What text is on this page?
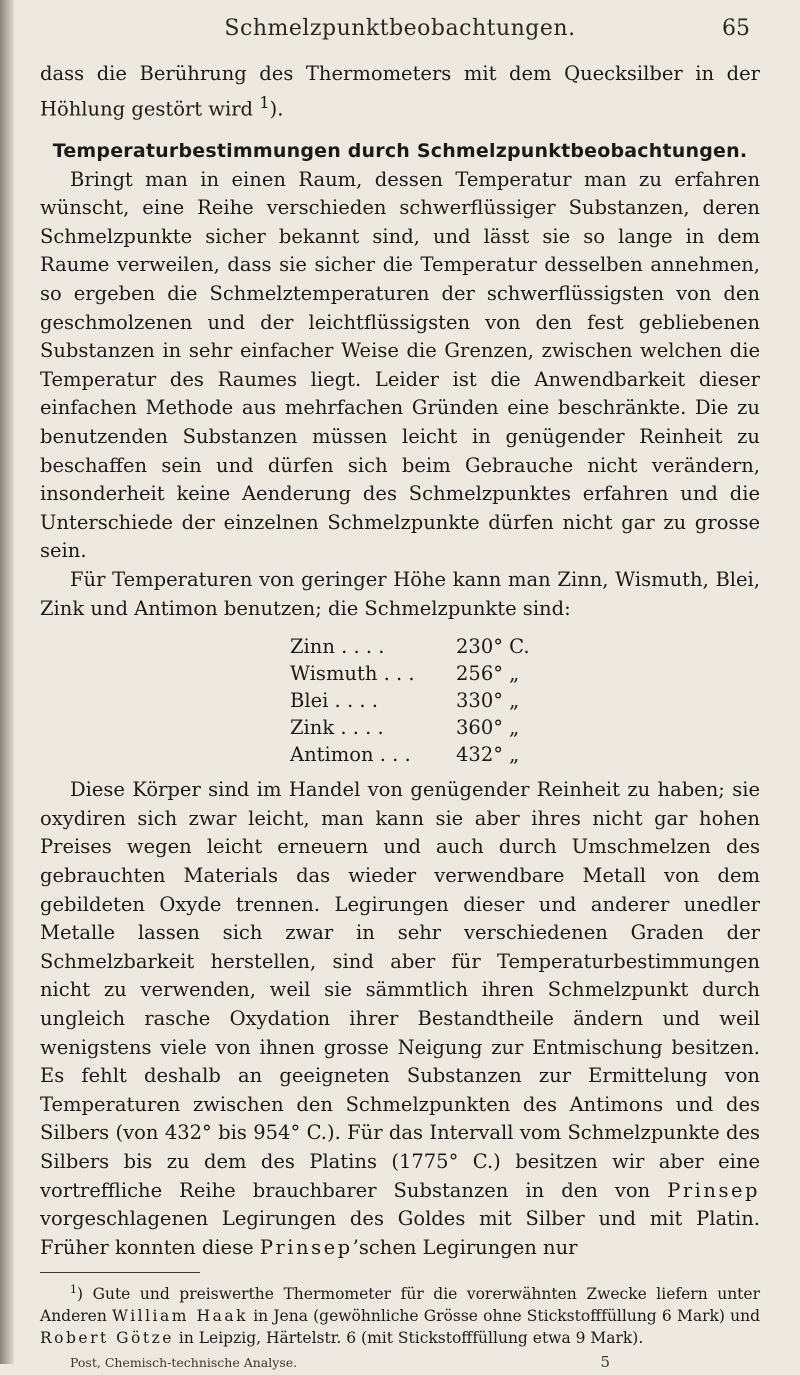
Schmelzpunktbeobachtungen.	65

dass die Berührung des Thermometers mit dem Quecksilber in der Höhlung gestört wird $^1$).

Temperaturbestimmungen durch Schmelzpunktbeobachtungen.

Bringt man in einen Raum, dessen Temperatur man zu erfahren wünscht, eine Reihe verschieden schwerflüssiger Substanzen, deren Schmelzpunkte sicher bekannt sind, und lässt sie so lange in dem Raume verweilen, dass sie sicher die Temperatur desselben annehmen, so ergeben die Schmelztemperaturen der schwerflüssigsten von den geschmolzenen und der leichtflüssigsten von den fest gebliebenen Substanzen in sehr einfacher Weise die Grenzen, zwischen welchen die Temperatur des Raumes liegt. Leider ist die Anwendbarkeit dieser einfachen Methode aus mehrfachen Gründen eine beschränkte. Die zu benutzenden Substanzen müssen leicht in genügender Reinheit zu beschaffen sein und dürfen sich beim Gebrauche nicht verändern, insonderheit keine Aenderung des Schmelzpunktes erfahren und die Unterschiede der einzelnen Schmelzpunkte dürfen nicht gar zu grosse sein.

Für Temperaturen von geringer Höhe kann man Zinn, Wismuth, Blei, Zink und Antimon benutzen; die Schmelzpunkte sind:

Zinn . . . .	230° C.
Wismuth . . .	256° „
Blei . . . .	330° „
Zink . . . .	360° „
Antimon . . .	432° „

Diese Körper sind im Handel von genügender Reinheit zu haben; sie oxydiren sich zwar leicht, man kann sie aber ihres nicht gar hohen Preises wegen leicht erneuern und auch durch Umschmelzen des gebrauchten Materials das wieder verwendbare Metall von dem gebildeten Oxyde trennen. Legirungen dieser und anderer unedler Metalle lassen sich zwar in sehr verschiedenen Graden der Schmelzbarkeit herstellen, sind aber für Temperaturbestimmungen nicht zu verwenden, weil sie sämmtlich ihren Schmelzpunkt durch ungleich rasche Oxydation ihrer Bestandtheile ändern und weil wenigstens viele von ihnen grosse Neigung zur Entmischung besitzen. Es fehlt deshalb an geeigneten Substanzen zur Ermittelung von Temperaturen zwischen den Schmelzpunkten des Antimons und des Silbers (von 432° bis 954° C.). Für das Intervall vom Schmelzpunkte des Silbers bis zu dem des Platins (1775° C.) besitzen wir aber eine vortreffliche Reihe brauchbarer Substanzen in den von Prinsep vorgeschlagenen Legirungen des Goldes mit Silber und mit Platin. Früher konnten diese Prinsep’schen Legirungen nur

$^1$) Gute und preiswerthe Thermometer für die vorerwähnten Zwecke liefern unter Anderen William Haak in Jena (gewöhnliche Grösse ohne Stickstofffüllung 6 Mark) und Robert Götze in Leipzig, Härtelstr. 6 (mit Stickstofffüllung etwa 9 Mark).

Post, Chemisch-technische Analyse.	5
